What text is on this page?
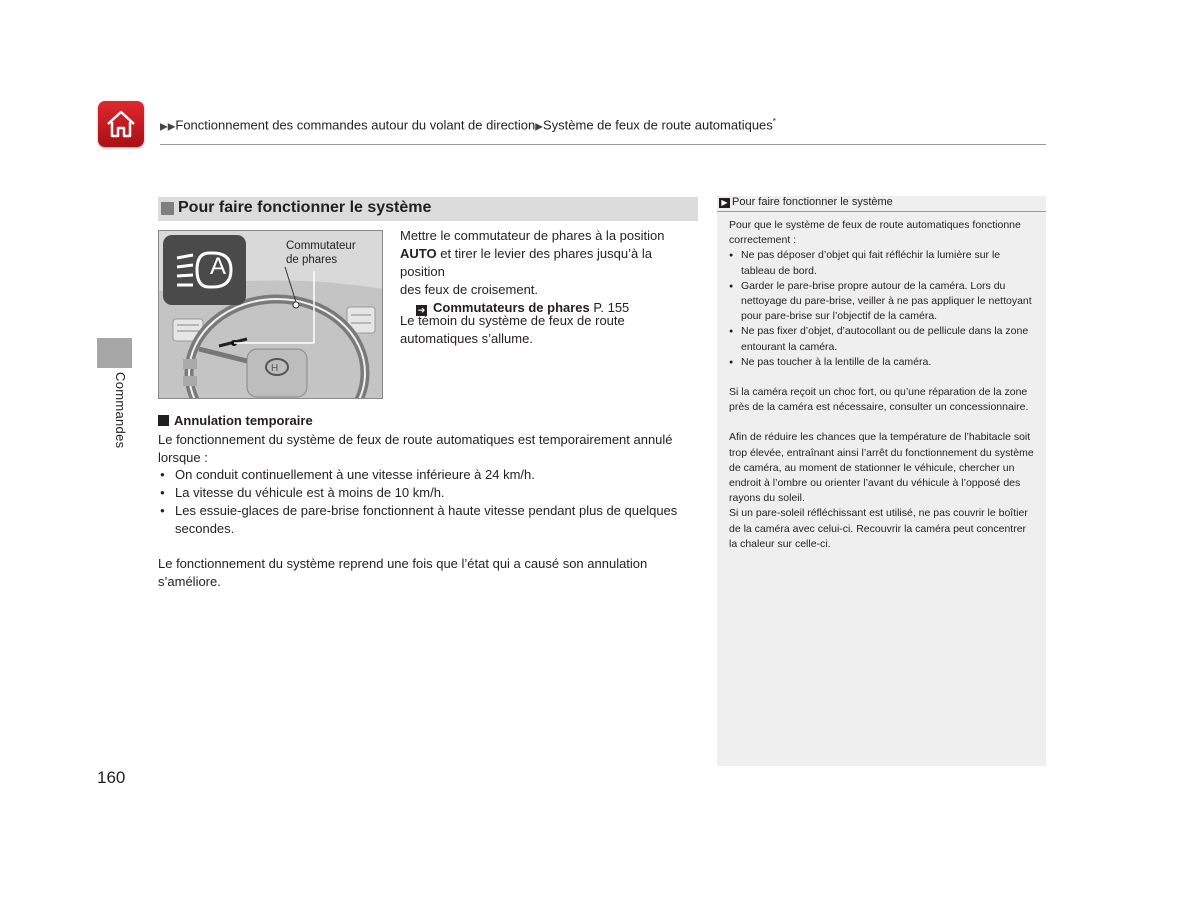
▶▶Fonctionnement des commandes autour du volant de direction▶Système de feux de route automatiques*
Commandes
160
Pour faire fonctionner le système
H
A
Commutateur
de phares
Mettre le commutateur de phares à la position
AUTO et tirer le levier des phares jusqu’à la position
des feux de croisement.
➜ Commutateurs de phares P. 155
Le témoin du système de feux de route
automatiques s’allume.
Annulation temporaire
Le fonctionnement du système de feux de route automatiques est temporairement annulé
lorsque :
● On conduit continuellement à une vitesse inférieure à 24 km/h.
● La vitesse du véhicule est à moins de 10 km/h.
● Les essuie-glaces de pare-brise fonctionnent à haute vitesse pendant plus de quelques secondes.
Le fonctionnement du système reprend une fois que l’état qui a causé son annulation
s’améliore.
▶ Pour faire fonctionner le système

Pour que le système de feux de route automatiques fonctionne correctement :

● Ne pas déposer d’objet qui fait réfléchir la lumière sur le tableau de bord.
● Garder le pare-brise propre autour de la caméra. Lors du nettoyage du pare-brise, veiller à ne pas appliquer le nettoyant pour pare-brise sur l’objectif de la caméra.
● Ne pas fixer d’objet, d’autocollant ou de pellicule dans la zone entourant la caméra.
● Ne pas toucher à la lentille de la caméra.

Si la caméra reçoit un choc fort, ou qu’une réparation de la zone près de la caméra est nécessaire, consulter un concessionnaire.

Afin de réduire les chances que la température de l’habitacle soit trop élevée, entraînant ainsi l’arrêt du fonctionnement du système de caméra, au moment de stationner le véhicule, chercher un endroit à l’ombre ou orienter l’avant du véhicule à l’opposé des rayons du soleil.

Si un pare-soleil réfléchissant est utilisé, ne pas couvrir le boîtier de la caméra avec celui-ci. Recouvrir la caméra peut concentrer la chaleur sur celle-ci.
